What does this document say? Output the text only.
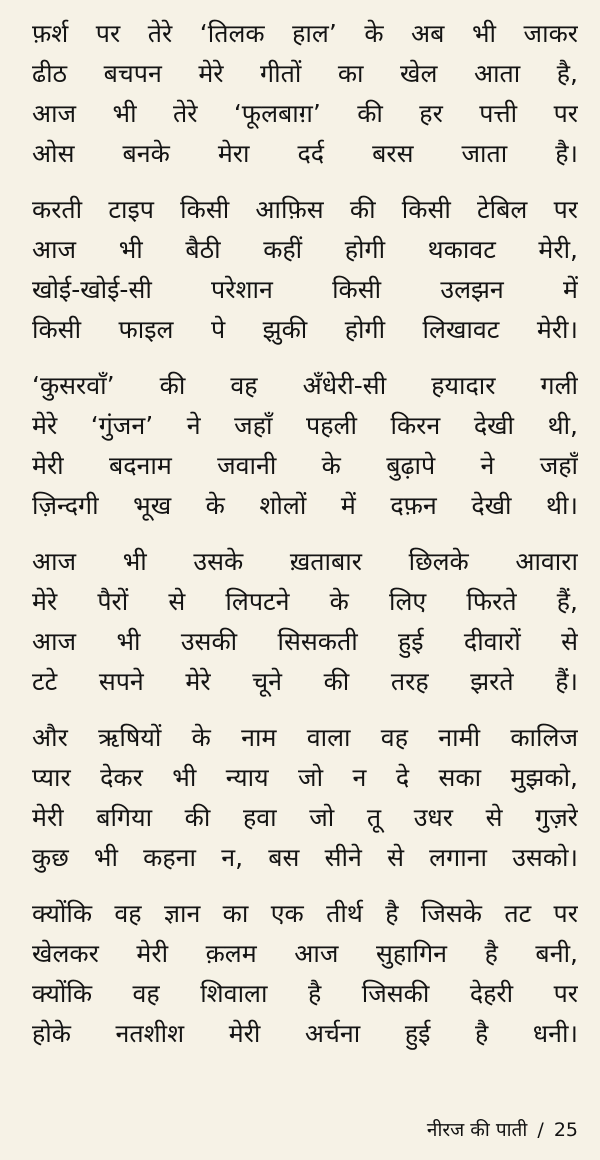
फ़र्श पर तेरे ‘तिलक हाल’ के अब भी जाकर
ढीठ बचपन मेरे गीतों का खेल आता है,
आज भी तेरे ‘फूलबाग़’ की हर पत्ती पर
ओस बनके मेरा दर्द बरस जाता है।
करती टाइप किसी आफ़िस की किसी टेबिल पर
आज भी बैठी कहीं होगी थकावट मेरी,
खोई-खोई-सी परेशान किसी उलझन में
किसी फाइल पे झुकी होगी लिखावट मेरी।
‘कुसरवाँ’ की वह अँधेरी-सी हयादार गली
मेरे ‘गुंजन’ ने जहाँ पहली किरन देखी थी,
मेरी बदनाम जवानी के बुढ़ापे ने जहाँ
ज़िन्दगी भूख के शोलों में दफ़न देखी थी।
आज भी उसके ख़ताबार छिलके आवारा
मेरे पैरों से लिपटने के लिए फिरते हैं,
आज भी उसकी सिसकती हुई दीवारों से
टटे सपने मेरे चूने की तरह झरते हैं।
और ऋषियों के नाम वाला वह नामी कालिज
प्यार देकर भी न्याय जो न दे सका मुझको,
मेरी बगिया की हवा जो तू उधर से गुज़रे
कुछ भी कहना न, बस सीने से लगाना उसको।
क्योंकि वह ज्ञान का एक तीर्थ है जिसके तट पर
खेलकर मेरी क़लम आज सुहागिन है बनी,
क्योंकि वह शिवाला है जिसकी देहरी पर
होके नतशीश मेरी अर्चना हुई है धनी।
नीरज की पाती / 25
